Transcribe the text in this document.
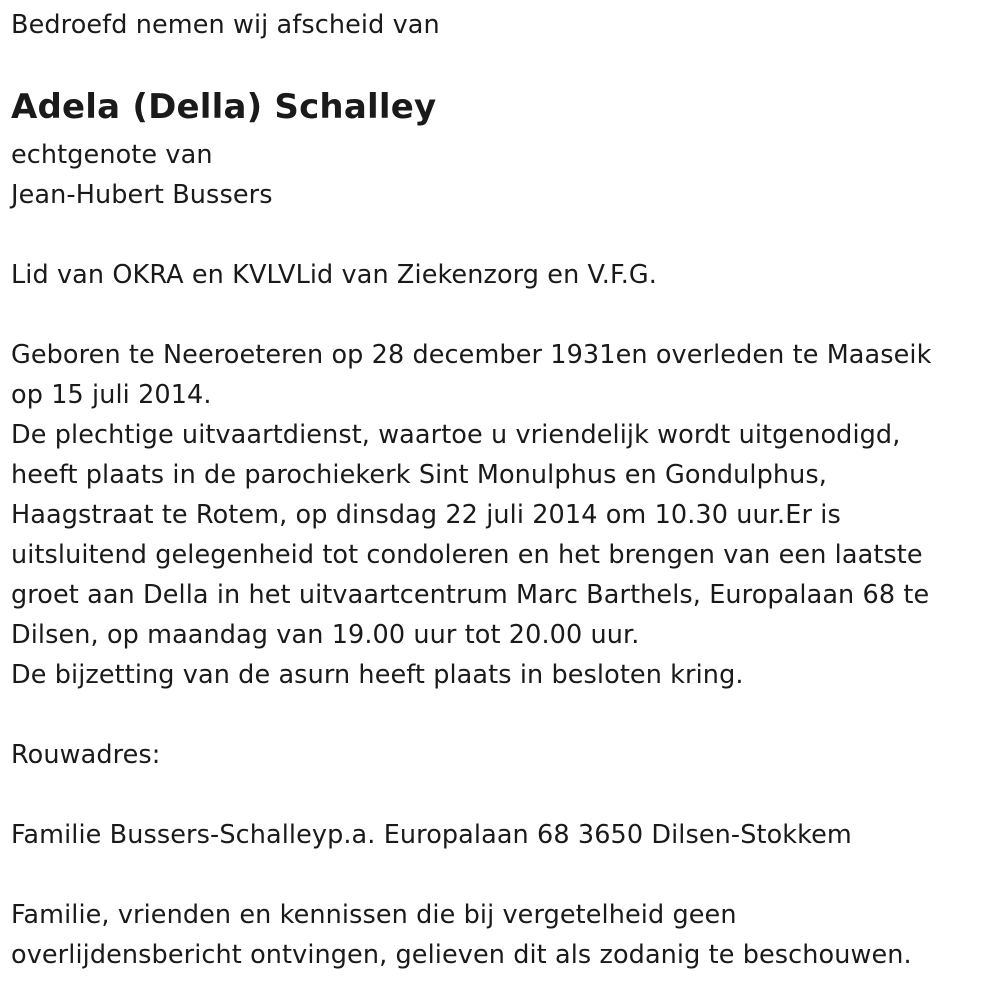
Bedroefd nemen wij afscheid van
Adela (Della) Schalley
echtgenote van
Jean-Hubert Bussers
Lid van OKRA en KVLVLid van Ziekenzorg en V.F.G.
Geboren te Neeroeteren op 28 december 1931en overleden te Maaseik
op 15 juli 2014.
De plechtige uitvaartdienst, waartoe u vriendelijk wordt uitgenodigd,
heeft plaats in de parochiekerk Sint Monulphus en Gondulphus,
Haagstraat te Rotem, op dinsdag 22 juli 2014 om 10.30 uur.Er is
uitsluitend gelegenheid tot condoleren en het brengen van een laatste
groet aan Della in het uitvaartcentrum Marc Barthels, Europalaan 68 te
Dilsen, op maandag van 19.00 uur tot 20.00 uur.
De bijzetting van de asurn heeft plaats in besloten kring.
Rouwadres:
Familie Bussers-Schalleyp.a. Europalaan 68 3650 Dilsen-Stokkem
Familie, vrienden en kennissen die bij vergetelheid geen
overlijdensbericht ontvingen, gelieven dit als zodanig te beschouwen.
